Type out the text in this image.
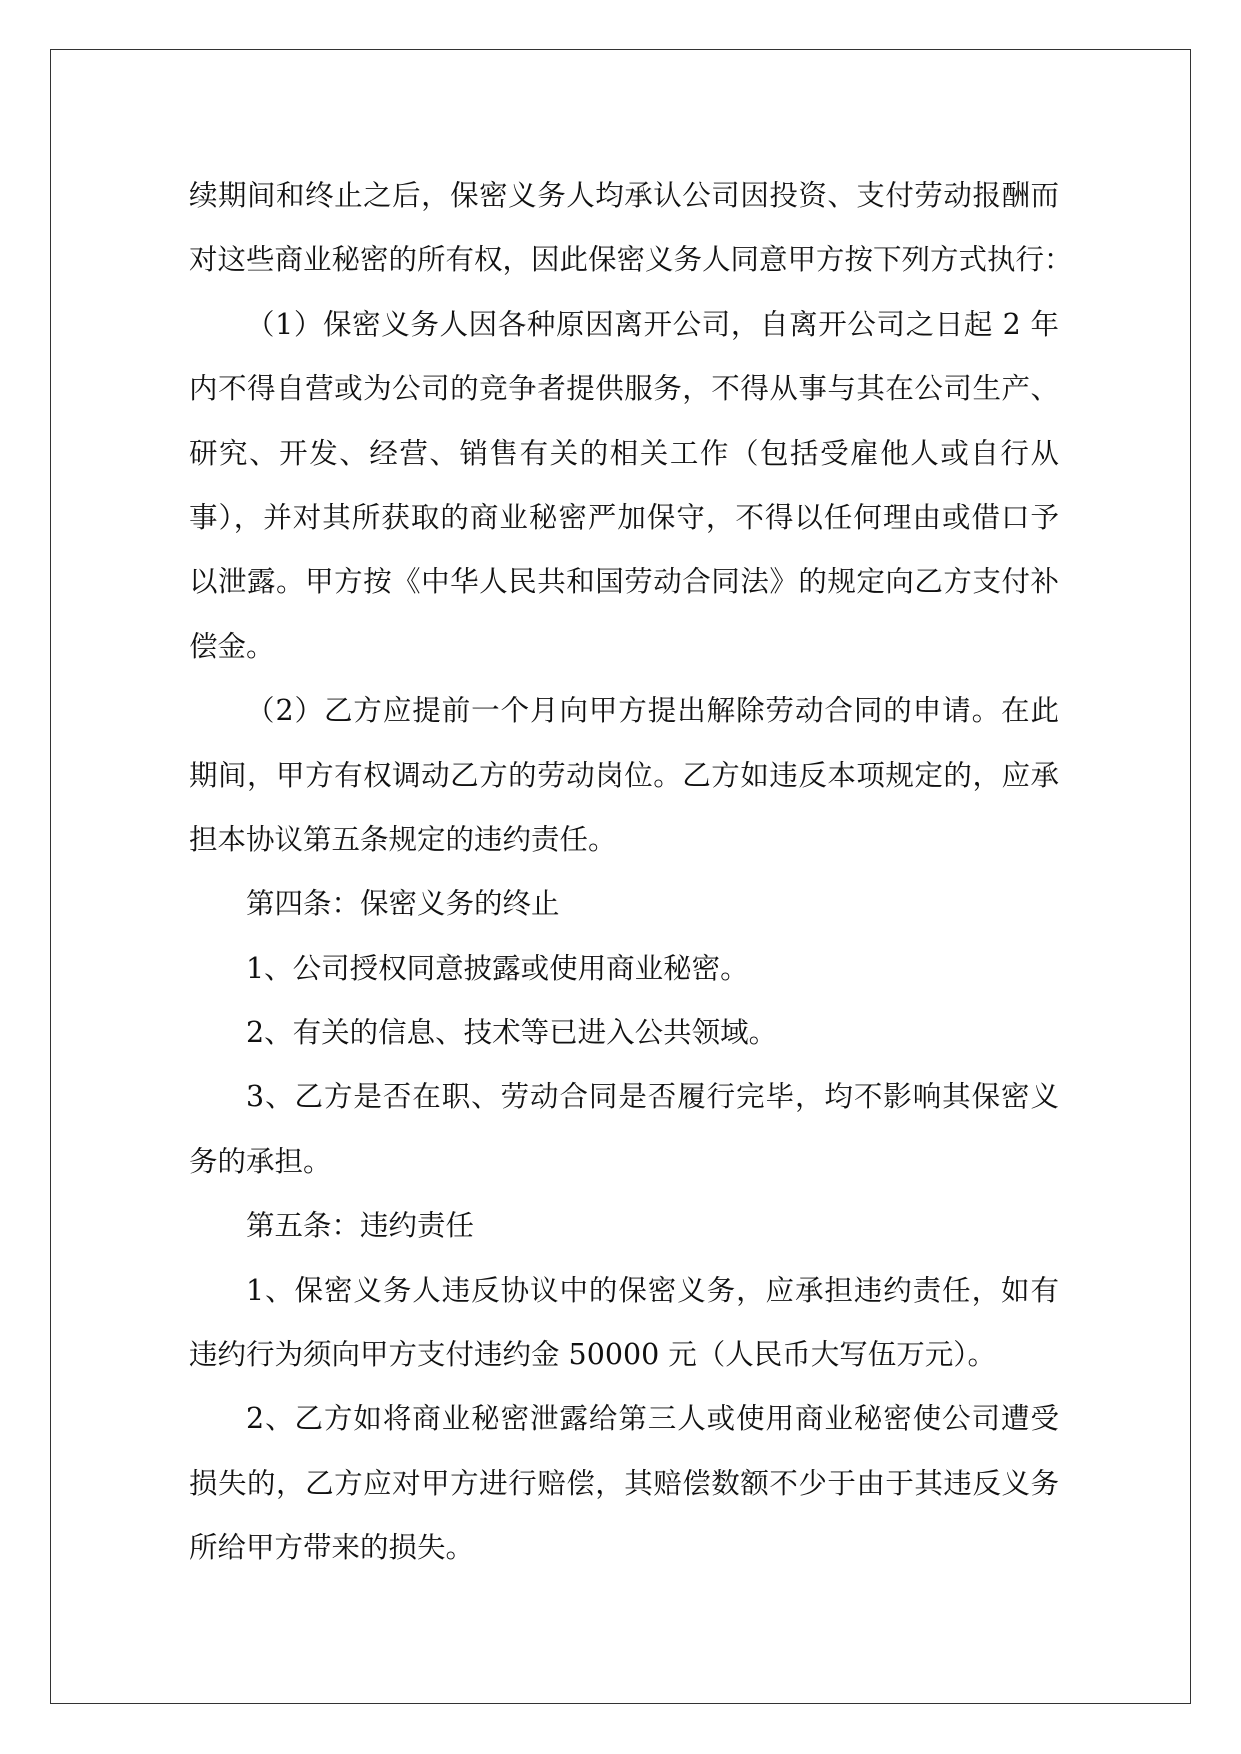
续期间和终止之后，保密义务人均承认公司因投资、支付劳动报酬而
对这些商业秘密的所有权，因此保密义务人同意甲方按下列方式执行：
（1）保密义务人因各种原因离开公司，自离开公司之日起 2 年
内不得自营或为公司的竞争者提供服务，不得从事与其在公司生产、
研究、开发、经营、销售有关的相关工作（包括受雇他人或自行从
事），并对其所获取的商业秘密严加保守，不得以任何理由或借口予
以泄露。甲方按《中华人民共和国劳动合同法》的规定向乙方支付补
偿金。
（2）乙方应提前一个月向甲方提出解除劳动合同的申请。在此
期间，甲方有权调动乙方的劳动岗位。乙方如违反本项规定的，应承
担本协议第五条规定的违约责任。
第四条：保密义务的终止
1、公司授权同意披露或使用商业秘密。
2、有关的信息、技术等已进入公共领域。
3、乙方是否在职、劳动合同是否履行完毕，均不影响其保密义
务的承担。
第五条：违约责任
1、保密义务人违反协议中的保密义务，应承担违约责任，如有
违约行为须向甲方支付违约金 50000 元（人民币大写伍万元）。
2、乙方如将商业秘密泄露给第三人或使用商业秘密使公司遭受
损失的，乙方应对甲方进行赔偿，其赔偿数额不少于由于其违反义务
所给甲方带来的损失。
